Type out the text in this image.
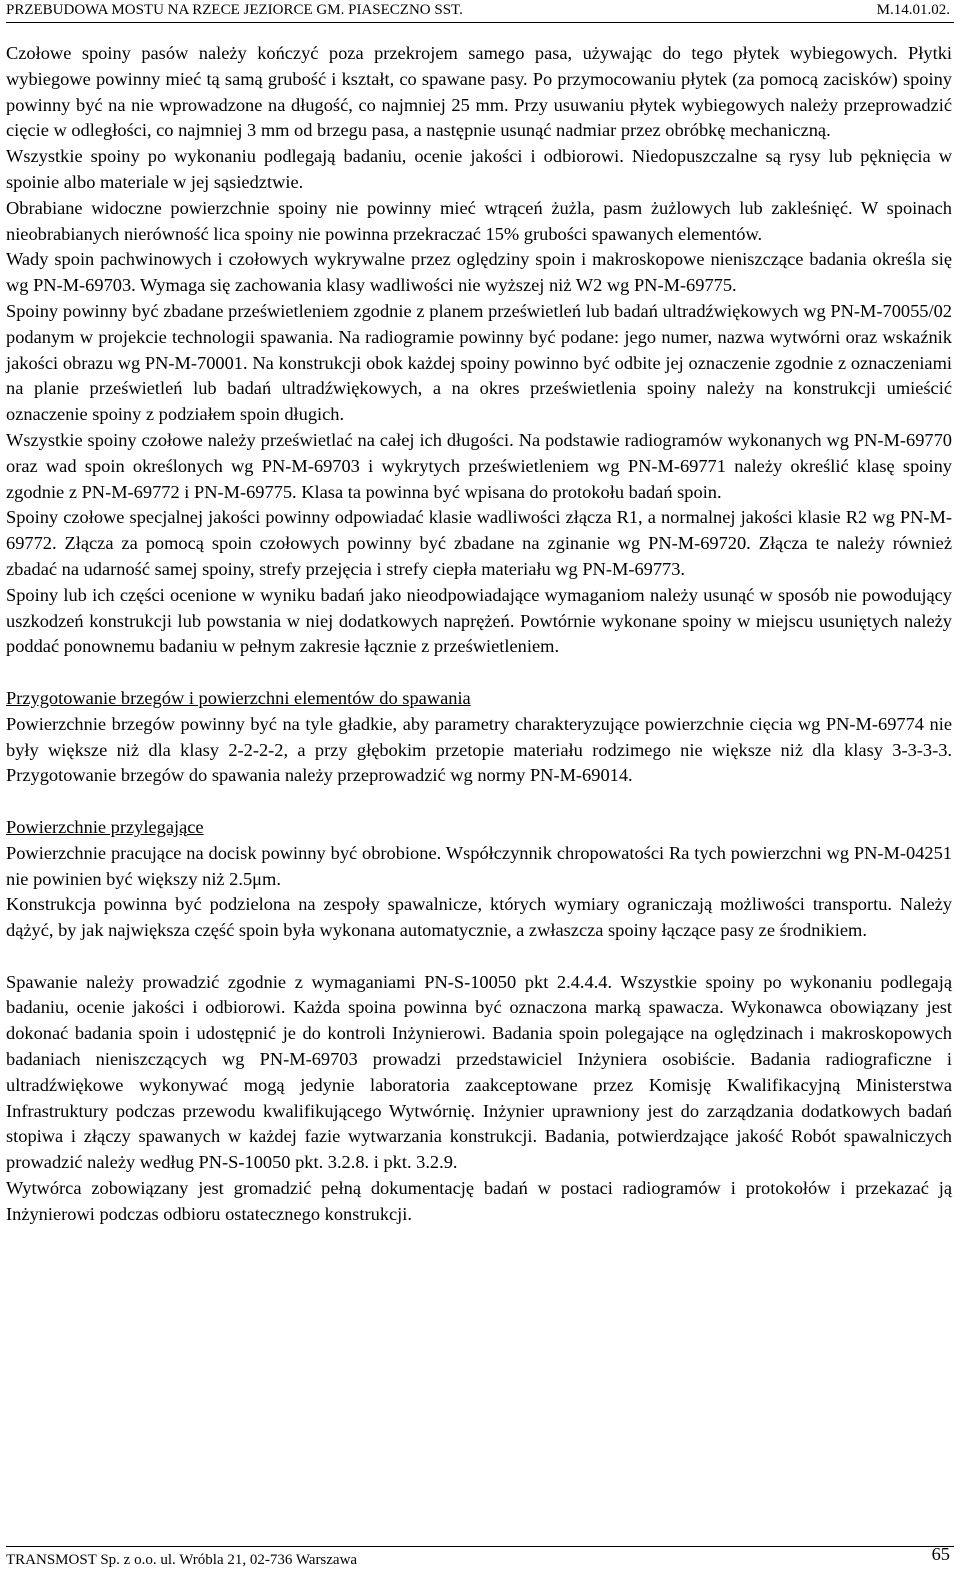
PRZEBUDOWA MOSTU NA RZECE JEZIORCE GM. PIASECZNO SST.	M.14.01.02.

Czołowe spoiny pasów należy kończyć poza przekrojem samego pasa, używając do tego płytek wybiegowych. Płytki wybiegowe powinny mieć tą samą grubość i kształt, co spawane pasy. Po przymocowaniu płytek (za pomocą zacisków) spoiny powinny być na nie wprowadzone na długość, co najmniej 25 mm. Przy usuwaniu płytek wybiegowych należy przeprowadzić cięcie w odległości, co najmniej 3 mm od brzegu pasa, a następnie usunąć nadmiar przez obróbkę mechaniczną.

Wszystkie spoiny po wykonaniu podlegają badaniu, ocenie jakości i odbiorowi. Niedopuszczalne są rysy lub pęknięcia w spoinie albo materiale w jej sąsiedztwie.

Obrabiane widoczne powierzchnie spoiny nie powinny mieć wtrąceń żużla, pasm żużlowych lub zakleśnięć. W spoinach nieobrabianych nierówność lica spoiny nie powinna przekraczać 15% grubości spawanych elementów.

Wady spoin pachwinowych i czołowych wykrywalne przez oględziny spoin i makroskopowe nieniszczące badania określa się wg PN-M-69703. Wymaga się zachowania klasy wadliwości nie wyższej niż W2 wg PN-M-69775.

Spoiny powinny być zbadane prześwietleniem zgodnie z planem prześwietleń lub badań ultradźwiękowych wg PN-M-70055/02 podanym w projekcie technologii spawania. Na radiogramie powinny być podane: jego numer, nazwa wytwórni oraz wskaźnik jakości obrazu wg PN-M-70001. Na konstrukcji obok każdej spoiny powinno być odbite jej oznaczenie zgodnie z oznaczeniami na planie prześwietleń lub badań ultradźwiękowych, a na okres prześwietlenia spoiny należy na konstrukcji umieścić oznaczenie spoiny z podziałem spoin długich.

Wszystkie spoiny czołowe należy prześwietlać na całej ich długości. Na podstawie radiogramów wykonanych wg PN-M-69770 oraz wad spoin określonych wg PN-M-69703 i wykrytych prześwietleniem wg PN-M-69771 należy określić klasę spoiny zgodnie z PN-M-69772 i PN-M-69775. Klasa ta powinna być wpisana do protokołu badań spoin.

Spoiny czołowe specjalnej jakości powinny odpowiadać klasie wadliwości złącza R1, a normalnej jakości klasie R2 wg PN-M-69772. Złącza za pomocą spoin czołowych powinny być zbadane na zginanie wg PN-M-69720. Złącza te należy również zbadać na udarność samej spoiny, strefy przejęcia i strefy ciepła materiału wg PN-M-69773.

Spoiny lub ich części ocenione w wyniku badań jako nieodpowiadające wymaganiom należy usunąć w sposób nie powodujący uszkodzeń konstrukcji lub powstania w niej dodatkowych naprężeń. Powtórnie wykonane spoiny w miejscu usuniętych należy poddać ponownemu badaniu w pełnym zakresie łącznie z prześwietleniem.

Przygotowanie brzegów i powierzchni elementów do spawania

Powierzchnie brzegów powinny być na tyle gładkie, aby parametry charakteryzujące powierzchnie cięcia wg PN-M-69774 nie były większe niż dla klasy 2-2-2-2, a przy głębokim przetopie materiału rodzimego nie większe niż dla klasy 3-3-3-3. Przygotowanie brzegów do spawania należy przeprowadzić wg normy PN-M-69014.

Powierzchnie przylegające

Powierzchnie pracujące na docisk powinny być obrobione. Współczynnik chropowatości Ra tych powierzchni wg PN-M-04251 nie powinien być większy niż 2.5μm.

Konstrukcja powinna być podzielona na zespoły spawalnicze, których wymiary ograniczają możliwości transportu. Należy dążyć, by jak największa część spoin była wykonana automatycznie, a zwłaszcza spoiny łączące pasy ze środnikiem.

Spawanie należy prowadzić zgodnie z wymaganiami PN-S-10050 pkt 2.4.4.4. Wszystkie spoiny po wykonaniu podlegają badaniu, ocenie jakości i odbiorowi. Każda spoina powinna być oznaczona marką spawacza. Wykonawca obowiązany jest dokonać badania spoin i udostępnić je do kontroli Inżynierowi. Badania spoin polegające na oględzinach i makroskopowych badaniach nieniszczących wg PN-M-69703 prowadzi przedstawiciel Inżyniera osobiście. Badania radiograficzne i ultradźwiękowe wykonywać mogą jedynie laboratoria zaakceptowane przez Komisję Kwalifikacyjną Ministerstwa Infrastruktury podczas przewodu kwalifikującego Wytwórnię. Inżynier uprawniony jest do zarządzania dodatkowych badań stopiwa i złączy spawanych w każdej fazie wytwarzania konstrukcji. Badania, potwierdzające jakość Robót spawalniczych prowadzić należy według PN-S-10050 pkt. 3.2.8. i pkt. 3.2.9.

Wytwórca zobowiązany jest gromadzić pełną dokumentację badań w postaci radiogramów i protokołów i przekazać ją Inżynierowi podczas odbioru ostatecznego konstrukcji.

TRANSMOST Sp. z o.o. ul. Wróbla 21, 02-736 Warszawa	65
